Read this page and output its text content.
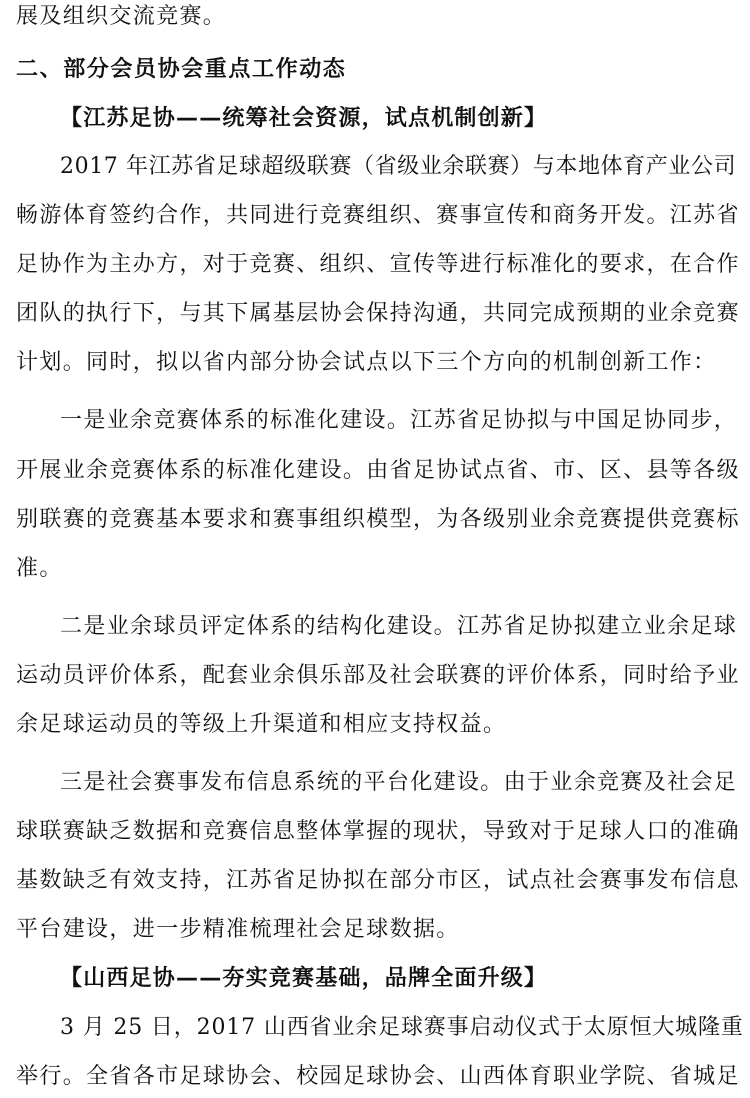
展及组织交流竞赛。
二、部分会员协会重点工作动态
【江苏足协——统筹社会资源，试点机制创新】
2017 年江苏省足球超级联赛（省级业余联赛）与本地体育产业公司
畅游体育签约合作，共同进行竞赛组织、赛事宣传和商务开发。江苏省
足协作为主办方，对于竞赛、组织、宣传等进行标准化的要求，在合作
团队的执行下，与其下属基层协会保持沟通，共同完成预期的业余竞赛
计划。同时，拟以省内部分协会试点以下三个方向的机制创新工作：
一是业余竞赛体系的标准化建设。江苏省足协拟与中国足协同步，
开展业余竞赛体系的标准化建设。由省足协试点省、市、区、县等各级
别联赛的竞赛基本要求和赛事组织模型，为各级别业余竞赛提供竞赛标
准。
二是业余球员评定体系的结构化建设。江苏省足协拟建立业余足球
运动员评价体系，配套业余俱乐部及社会联赛的评价体系，同时给予业
余足球运动员的等级上升渠道和相应支持权益。
三是社会赛事发布信息系统的平台化建设。由于业余竞赛及社会足
球联赛缺乏数据和竞赛信息整体掌握的现状，导致对于足球人口的准确
基数缺乏有效支持，江苏省足协拟在部分市区，试点社会赛事发布信息
平台建设，进一步精准梳理社会足球数据。
【山西足协——夯实竞赛基础，品牌全面升级】
3 月 25 日，2017 山西省业余足球赛事启动仪式于太原恒大城隆重
举行。全省各市足球协会、校园足球协会、山西体育职业学院、省城足
